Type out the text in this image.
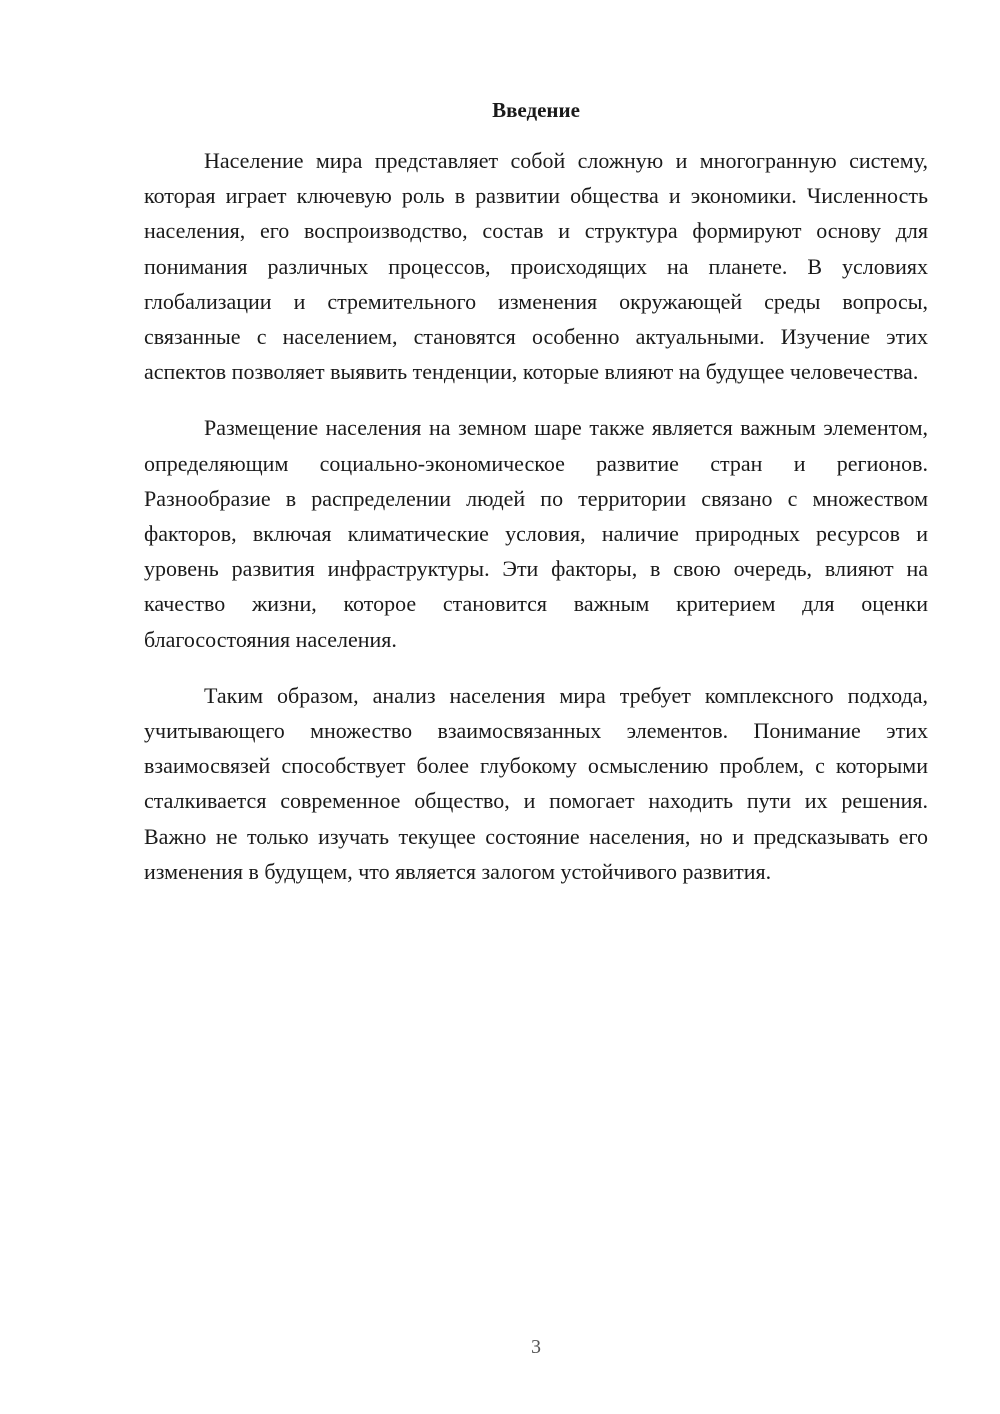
Введение

Население мира представляет собой сложную и многогранную систему, которая играет ключевую роль в развитии общества и экономики. Численность населения, его воспроизводство, состав и структура формируют основу для понимания различных процессов, происходящих на планете. В условиях глобализации и стремительного изменения окружающей среды вопросы, связанные с населением, становятся особенно актуальными. Изучение этих аспектов позволяет выявить тенденции, которые влияют на будущее человечества.

Размещение населения на земном шаре также является важным элементом, определяющим социально-экономическое развитие стран и регионов. Разнообразие в распределении людей по территории связано с множеством факторов, включая климатические условия, наличие природных ресурсов и уровень развития инфраструктуры. Эти факторы, в свою очередь, влияют на качество жизни, которое становится важным критерием для оценки благосостояния населения.

Таким образом, анализ населения мира требует комплексного подхода, учитывающего множество взаимосвязанных элементов. Понимание этих взаимосвязей способствует более глубокому осмыслению проблем, с которыми сталкивается современное общество, и помогает находить пути их решения. Важно не только изучать текущее состояние населения, но и предсказывать его изменения в будущем, что является залогом устойчивого развития.

3
